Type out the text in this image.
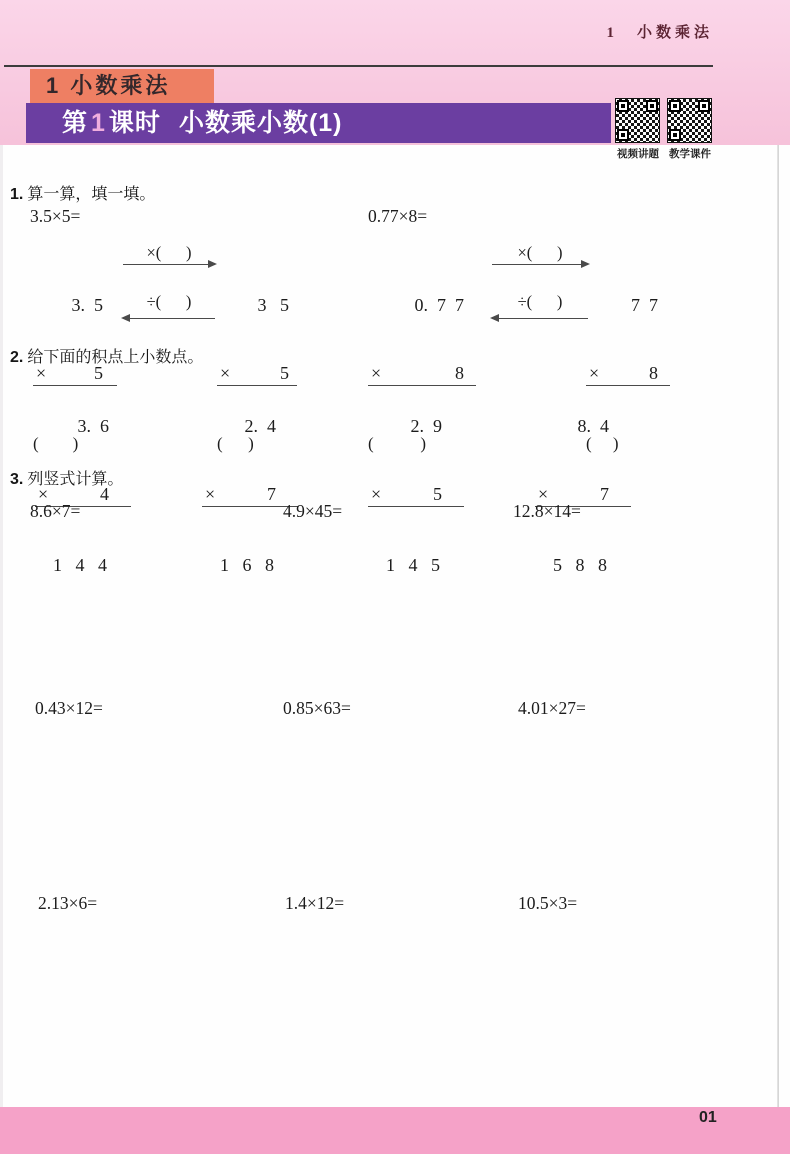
1　小数乘法
1 小数乘法
第 1 课时 小数乘小数(1)
视频讲题 教学课件
1. 算一算，填一填。
3.5×5=	0.77×8=

3.  5

×	5

(        )

×(      )
÷(      )

	3   5

×	5

(      )

0.  7  7

×	8

(           )

×(      )
÷(      )

	7  7

×	8

(     )

2. 给下面的积点上小数点。

3.  6

×	4

1   4   4

2.  4

×	7

1   6   8

2.  9

×	5

1   4   5

8.  4

×	7

5   8   8

3. 列竖式计算。
8.6×7=	4.9×45=	12.8×14=
0.43×12=	0.85×63=	4.01×27=
2.13×6=	1.4×12=	10.5×3=
01
